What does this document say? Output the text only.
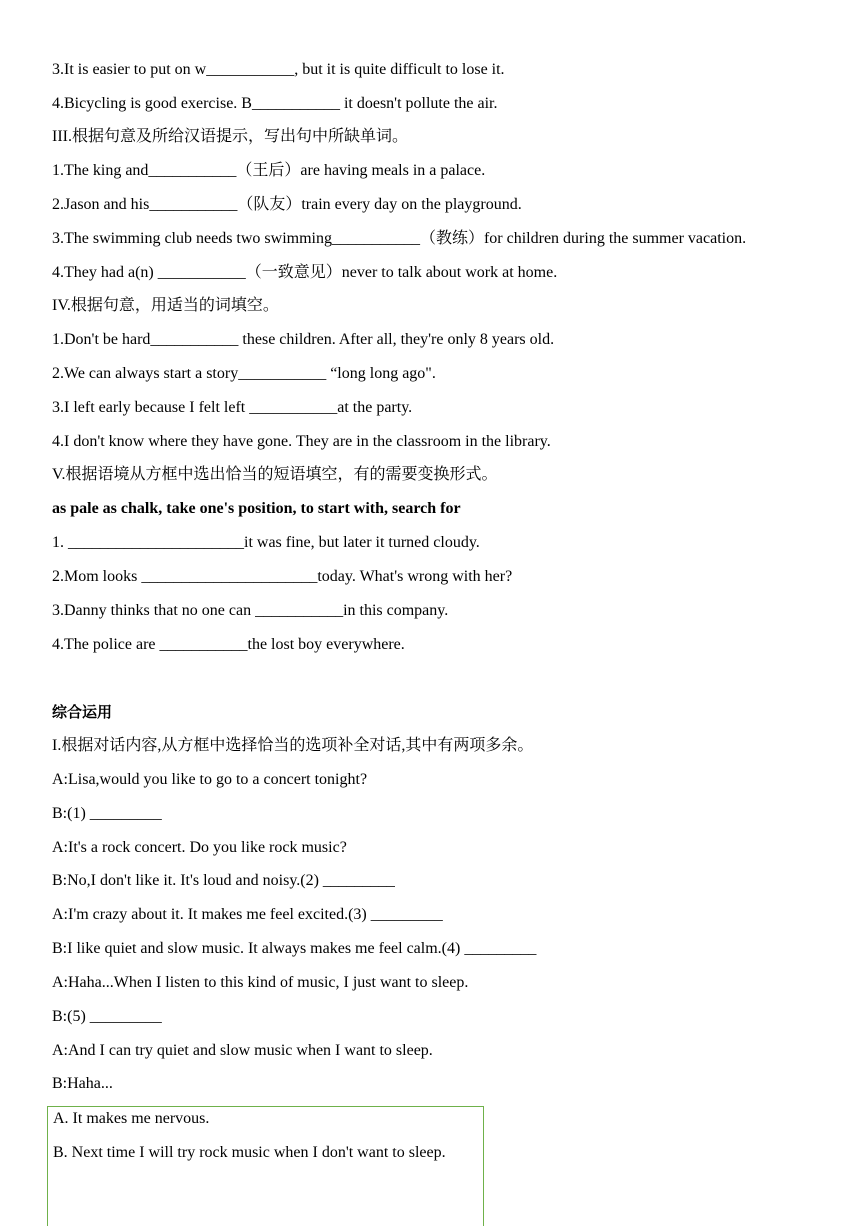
3.It is easier to put on w___________, but it is quite difficult to lose it.
4.Bicycling is good exercise. B___________ it doesn't pollute the air.
III.根据句意及所给汉语提示，写出句中所缺单词。
1.The king and___________（王后）are having meals in a palace.
2.Jason and his___________（队友）train every day on the playground.
3.The swimming club needs two swimming___________（教练）for children during the summer vacation.
4.They had a(n) ___________（一致意见）never to talk about work at home.
IV.根据句意，用适当的词填空。
1.Don't be hard___________ these children. After all, they're only 8 years old.
2.We can always start a story___________ “long long ago".
3.I left early because I felt left ___________at the party.
4.I don't know where they have gone. They are in the classroom in the library.
V.根据语境从方框中选出恰当的短语填空，有的需要变换形式。
as pale as chalk, take one's position, to start with, search for
1. ______________________it was fine, but later it turned cloudy.
2.Mom looks ______________________today. What's wrong with her?
3.Danny thinks that no one can ___________in this company.
4.The police are ___________the lost boy everywhere.
综合运用
I.根据对话内容,从方框中选择恰当的选项补全对话,其中有两项多余。
A:Lisa,would you like to go to a concert tonight?
B:(1) _________
A:It's a rock concert. Do you like rock music?
B:No,I don't like it. It's loud and noisy.(2) _________
A:I'm crazy about it. It makes me feel excited.(3) _________
B:I like quiet and slow music. It always makes me feel calm.(4) _________
A:Haha...When I listen to this kind of music, I just want to sleep.
B:(5) _________
A:And I can try quiet and slow music when I want to sleep.
B:Haha...
A. It makes me nervous.
B. Next time I will try rock music when I don't want to sleep.
